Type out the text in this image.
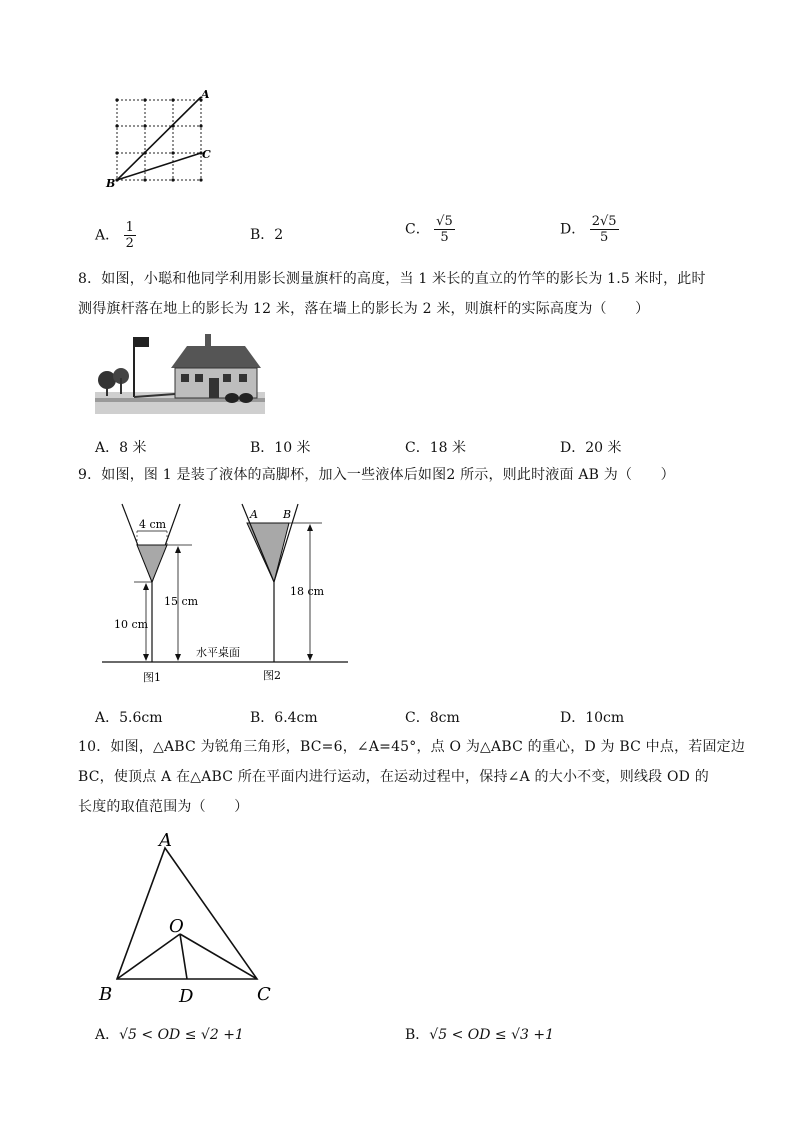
A
C
B
A． $\frac{1}{2}$	B．2	C． $\frac{√5}{5}$	D． $\frac{2√5}{5}$
8．如图，小聪和他同学利用影长测量旗杆的高度，当 1 米长的直立的竹竿的影长为 1.5 米时，此时
测得旗杆落在地上的影长为 12 米，落在墙上的影长为 2 米，则旗杆的实际高度为（　　）
A．8 米	B．10 米	C．18 米	D．20 米
9．如图，图 1 是装了液体的高脚杯，加入一些液体后如图2 所示，则此时液面 AB 为（　　）
4 cm
15 cm
10 cm
A B
18 cm
水平桌面
图1	图2
A．5.6cm	B．6.4cm	C．8cm	D．10cm
10．如图，△ABC 为锐角三角形，BC=6，∠A=45°，点 O 为△ABC 的重心，D 为 BC 中点，若固定边
BC，使顶点 A 在△ABC 所在平面内进行运动，在运动过程中，保持∠A 的大小不变，则线段 OD 的
长度的取值范围为（　　）
A
O
B	D	C
A．√5 < OD ≤ √2 +1	B．√5 < OD ≤ √3 +1
